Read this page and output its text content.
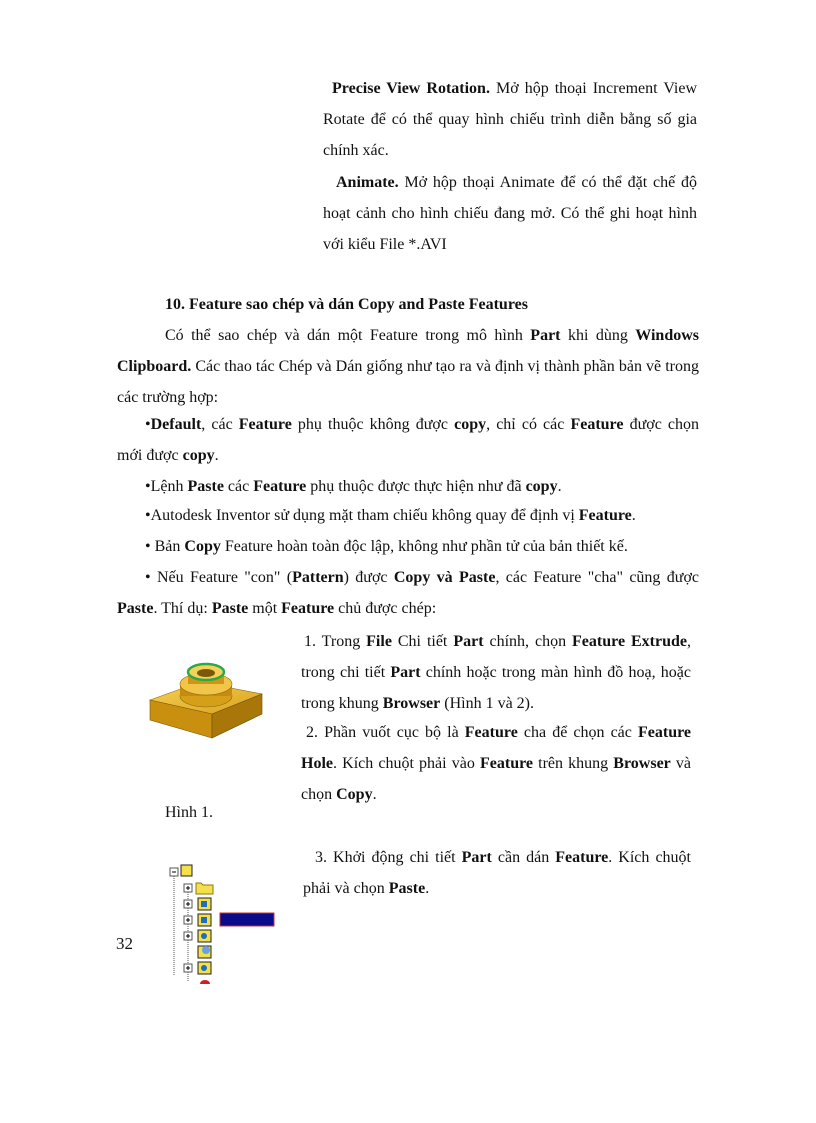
Precise View Rotation. Mở hộp thoại Increment View Rotate để có thể quay hình chiếu trình diễn bằng số gia chính xác.
Animate. Mở hộp thoại Animate để có thể đặt chế độ hoạt cảnh cho hình chiếu đang mở. Có thể ghi hoạt hình với kiểu File *.AVI
10. Feature sao chép và dán Copy and Paste Features
Có thể sao chép và dán một Feature trong mô hình Part khi dùng Windows Clipboard. Các thao tác Chép và Dán giống như tạo ra và định vị thành phần bản vẽ trong các trường hợp:
•Default, các Feature phụ thuộc không được copy, chỉ có các Feature được chọn mới được copy.
•Lệnh Paste các Feature phụ thuộc được thực hiện như đã copy.
•Autodesk Inventor sử dụng mặt tham chiếu không quay để định vị Feature.
• Bản Copy Feature hoàn toàn độc lập, không như phần tử của bản thiết kế.
• Nếu Feature "con" (Pattern) được Copy và Paste, các Feature "cha" cũng được Paste. Thí dụ: Paste một Feature chủ được chép:
Hình 1.
1. Trong File Chi tiết Part chính, chọn Feature Extrude, trong chi tiết Part chính hoặc trong màn hình đồ hoạ, hoặc trong khung Browser (Hình 1 và 2).
2. Phần vuốt cục bộ là Feature cha để chọn các Feature Hole. Kích chuột phải vào Feature trên khung Browser và chọn Copy.
3. Khởi động chi tiết Part cần dán Feature. Kích chuột phải và chọn Paste.
32
